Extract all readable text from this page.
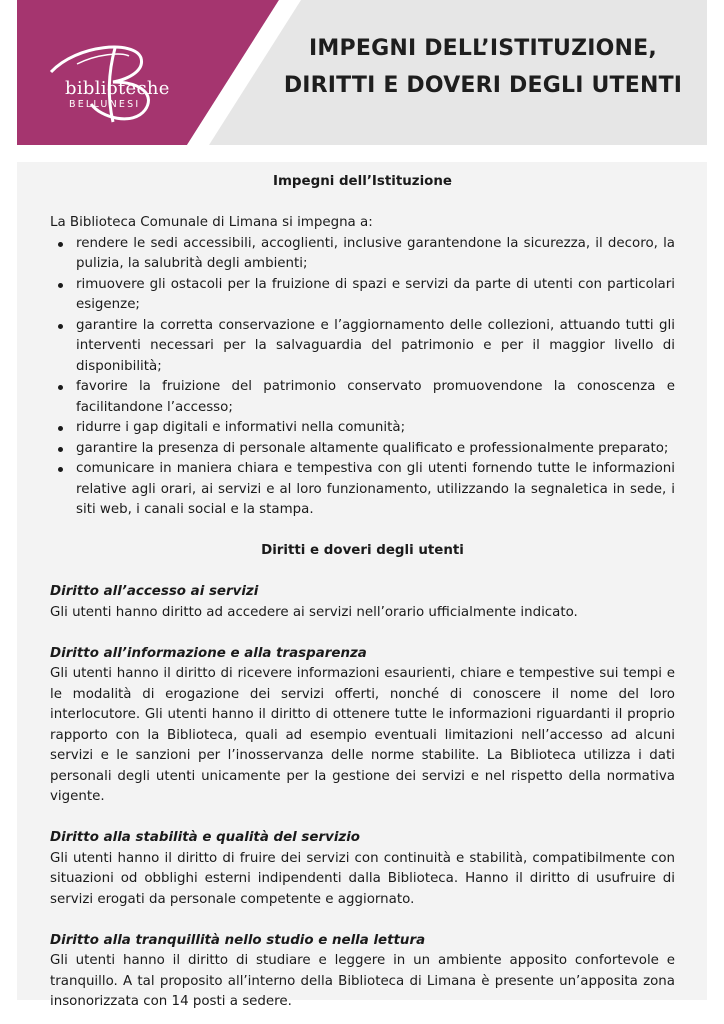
biblioteche
BELLUNESI
IMPEGNI DELL’ISTITUZIONE,
DIRITTI E DOVERI DEGLI UTENTI
Impegni dell’Istituzione

La Biblioteca Comunale di Limana si impegna a:

rendere le sedi accessibili, accoglienti, inclusive garantendone la sicurezza, il decoro, la pulizia, la salubrità degli ambienti;
rimuovere gli ostacoli per la fruizione di spazi e servizi da parte di utenti con particolari esigenze;
garantire la corretta conservazione e l’aggiornamento delle collezioni, attuando tutti gli interventi necessari per la salvaguardia del patrimonio e per il maggior livello di disponibilità;
favorire la fruizione del patrimonio conservato promuovendone la conoscenza e facilitandone l’accesso;
ridurre i gap digitali e informativi nella comunità;
garantire la presenza di personale altamente qualificato e professionalmente preparato;
comunicare in maniera chiara e tempestiva con gli utenti fornendo tutte le informazioni relative agli orari, ai servizi e al loro funzionamento, utilizzando la segnaletica in sede, i siti web, i canali social e la stampa.
Diritti e doveri degli utenti

Diritto all’accesso ai servizi

Gli utenti hanno diritto ad accedere ai servizi nell’orario ufficialmente indicato.

Diritto all’informazione e alla trasparenza

Gli utenti hanno il diritto di ricevere informazioni esaurienti, chiare e tempestive sui tempi e le modalità di erogazione dei servizi offerti, nonché di conoscere il nome del loro interlocutore. Gli utenti hanno il diritto di ottenere tutte le informazioni riguardanti il proprio rapporto con la Biblioteca, quali ad esempio eventuali limitazioni nell’accesso ad alcuni servizi e le sanzioni per l’inosservanza delle norme stabilite. La Biblioteca utilizza i dati personali degli utenti unicamente per la gestione dei servizi e nel rispetto della normativa vigente.

Diritto alla stabilità e qualità del servizio

Gli utenti hanno il diritto di fruire dei servizi con continuità e stabilità, compatibilmente con situazioni od obblighi esterni indipendenti dalla Biblioteca. Hanno il diritto di usufruire di servizi erogati da personale competente e aggiornato.

Diritto alla tranquillità nello studio e nella lettura

Gli utenti hanno il diritto di studiare e leggere in un ambiente apposito confortevole e tranquillo. A tal proposito all’interno della Biblioteca di Limana è presente un’apposita zona insonorizzata con 14 posti a sedere.
